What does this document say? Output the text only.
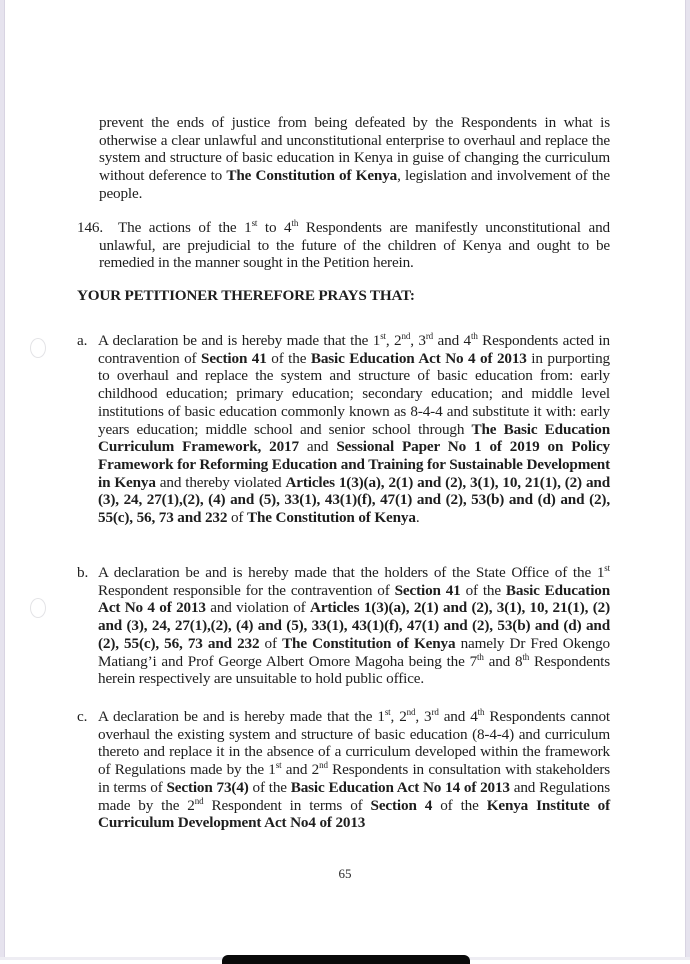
prevent the ends of justice from being defeated by the Respondents in what is otherwise a clear unlawful and unconstitutional enterprise to overhaul and replace the system and structure of basic education in Kenya in guise of changing the curriculum without deference to The Constitution of Kenya, legislation and involvement of the people.
146. The actions of the 1st to 4th Respondents are manifestly unconstitutional and unlawful, are prejudicial to the future of the children of Kenya and ought to be remedied in the manner sought in the Petition herein.
YOUR PETITIONER THEREFORE PRAYS THAT:
a. A declaration be and is hereby made that the 1st, 2nd, 3rd and 4th Respondents acted in contravention of Section 41 of the Basic Education Act No 4 of 2013 in purporting to overhaul and replace the system and structure of basic education from: early childhood education; primary education; secondary education; and middle level institutions of basic education commonly known as 8-4-4 and substitute it with: early years education; middle school and senior school through The Basic Education Curriculum Framework, 2017 and Sessional Paper No 1 of 2019 on Policy Framework for Reforming Education and Training for Sustainable Development in Kenya and thereby violated Articles 1(3)(a), 2(1) and (2), 3(1), 10, 21(1), (2) and (3), 24, 27(1),(2), (4) and (5), 33(1), 43(1)(f), 47(1) and (2), 53(b) and (d) and (2), 55(c), 56, 73 and 232 of The Constitution of Kenya.
b. A declaration be and is hereby made that the holders of the State Office of the 1st Respondent responsible for the contravention of Section 41 of the Basic Education Act No 4 of 2013 and violation of Articles 1(3)(a), 2(1) and (2), 3(1), 10, 21(1), (2) and (3), 24, 27(1),(2), (4) and (5), 33(1), 43(1)(f), 47(1) and (2), 53(b) and (d) and (2), 55(c), 56, 73 and 232 of The Constitution of Kenya namely Dr Fred Okengo Matiang’i and Prof George Albert Omore Magoha being the 7th and 8th Respondents herein respectively are unsuitable to hold public office.
c. A declaration be and is hereby made that the 1st, 2nd, 3rd and 4th Respondents cannot overhaul the existing system and structure of basic education (8-4-4) and curriculum thereto and replace it in the absence of a curriculum developed within the framework of Regulations made by the 1st and 2nd Respondents in consultation with stakeholders in terms of Section 73(4) of the Basic Education Act No 14 of 2013 and Regulations made by the 2nd Respondent in terms of Section 4 of the Kenya Institute of Curriculum Development Act No4 of 2013
65
